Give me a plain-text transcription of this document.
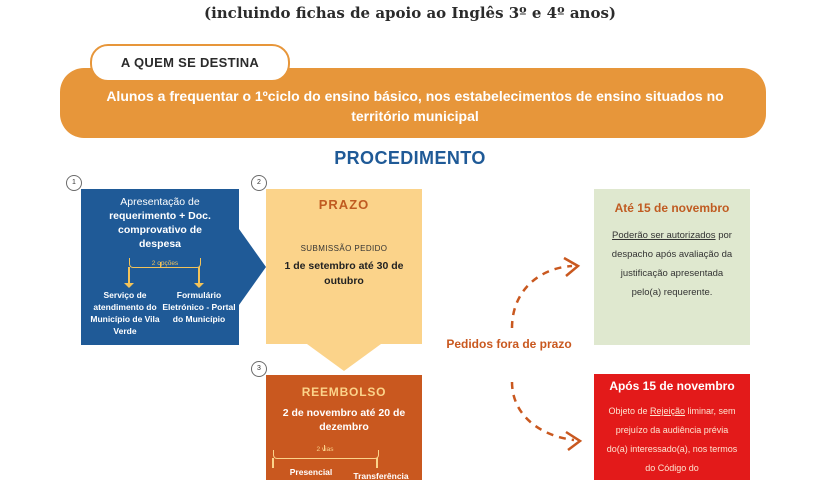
(incluindo fichas de apoio ao Inglês 3º e 4º anos)
Alunos a frequentar o 1ºciclo do ensino básico, nos estabelecimentos de ensino situados no território municipal
A QUEM SE DESTINA
PROCEDIMENTO
1
Apresentação de
requerimento + Doc.
comprovativo de
despesa
2 opções
Serviço de atendimento do Município de Vila Verde
Formulário Eletrónico - Portal do Município
2
PRAZO
SUBMISSÃO PEDIDO
1 de setembro até 30 de outubro
3
REEMBOLSO
2 de novembro até 20 de dezembro
2 vias
Presencial	Transferência
Pedidos fora de prazo
Até 15 de novembro
Poderão ser autorizados por despacho após avaliação da justificação apresentada pelo(a) requerente.
Após 15 de novembro
Objeto de Rejeição liminar, sem prejuízo da audiência prévia do(a) interessado(a), nos termos do Código do
